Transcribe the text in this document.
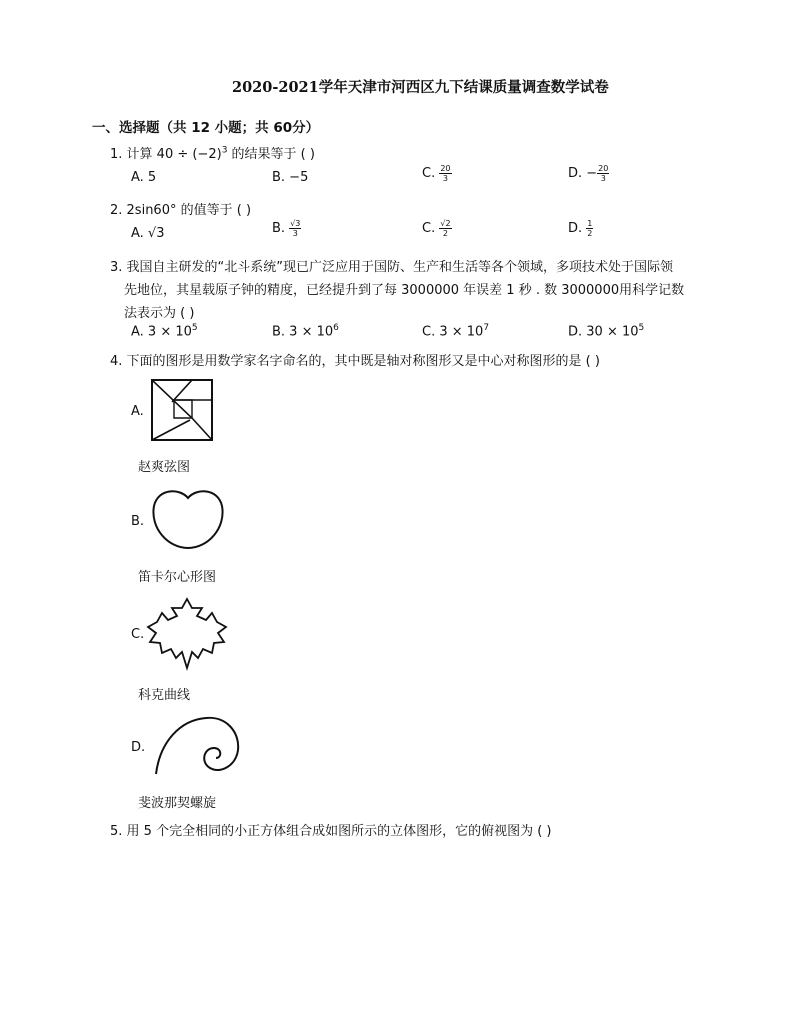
2020-2021学年天津市河西区九下结课质量调查数学试卷
一、选择题（共 12 小题；共 60分）
1. 计算 $40 \div (-2)^3$ 的结果等于 ( )
A. 5	B. −5	C. $\frac{20}{3}$	D. − $\frac{20}{3}$
2. 2sin60° 的值等于 ( )
A. √3	B. $\frac{√3}{3}$	C. $\frac{√2}{2}$	D. $\frac{1}{2}$
3. 我国自主研发的“北斗系统”现已广泛应用于国防、生产和生活等各个领域，多项技术处于国际领
先地位，其星载原子钟的精度，已经提升到了每 3000000 年误差 1 秒 . 数 3000000用科学记数
法表示为 ( )
A. $3 \times 10^5$	B. $3 \times 10^6$	C. $3 \times 10^7$	D. $30 \times 10^5$
4. 下面的图形是用数学家名字命名的，其中既是轴对称图形又是中心对称图形的是 ( )
A.
赵爽弦图
B.
笛卡尔心形图
C.
科克曲线
D.
斐波那契螺旋
5. 用 5 个完全相同的小正方体组合成如图所示的立体图形，它的俯视图为 ( )
